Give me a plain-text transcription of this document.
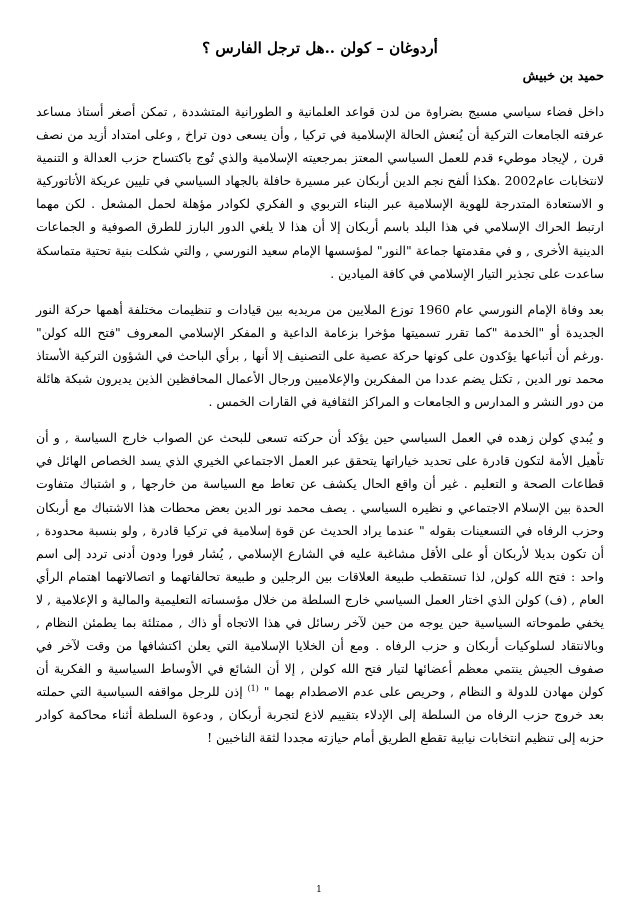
أردوغان – كولن ..هل ترجل الفارس ؟
حميد بن خبيش

داخل فضاء سياسي مسيج بضراوة من لدن قواعد العلمانية و الطورانية المتشددة , تمكن أصغر أستاذ مساعد عرفته الجامعات التركية أن يُنعش الحالة الإسلامية في تركيا , وأن يسعى دون تراخ , وعلى امتداد أزيد من نصف قرن , لإيجاد موطيء قدم للعمل السياسي المعتز بمرجعيته الإسلامية والذي تُوج باكتساح حزب العدالة و التنمية لانتخابات عام2002 .هكذا ألفح نجم الدين أربكان عبر مسيرة حافلة بالجهاد السياسي في تليين عريكة الأتاتوركية و الاستعادة المتدرجة للهوية الإسلامية عبر البناء التربوي و الفكري لكوادر مؤهلة لحمل المشعل . لكن مهما ارتبط الحراك الإسلامي في هذا البلد باسم أربكان إلا أن هذا لا يلغي الدور البارز للطرق الصوفية و الجماعات الدينية الأخرى , و في مقدمتها جماعة "النور" لمؤسسها الإمام سعيد النورسي , والتي شكلت بنية تحتية متماسكة ساعدت على تجذير التيار الإسلامي في كافة الميادين .

بعد وفاة الإمام النورسي عام 1960 توزع الملايين من مريديه بين قيادات و تنظيمات مختلفة أهمها حركة النور الجديدة أو "الخدمة "كما تقرر تسميتها مؤخرا بزعامة الداعية و المفكر الإسلامي المعروف "فتح الله كولن" .ورغم أن أتباعها يؤكدون على كونها حركة عصية على التصنيف إلا أنها , برأي الباحث في الشؤون التركية الأستاذ محمد نور الدين , تكتل يضم عددا من المفكرين والإعلاميين ورجال الأعمال المحافظين الذين يديرون شبكة هائلة من دور النشر و المدارس و الجامعات و المراكز الثقافية في القارات الخمس .

و يُبدي كولن زهده في العمل السياسي حين يؤكد أن حركته تسعى للبحث عن الصواب خارج السياسة , و أن تأهيل الأمة لتكون قادرة على تحديد خياراتها يتحقق عبر العمل الاجتماعي الخيري الذي يسد الخصاص الهائل في قطاعات الصحة و التعليم . غير أن واقع الحال يكشف عن تعاط مع السياسة من خارجها , و اشتباك متفاوت الحدة بين الإسلام الاجتماعي و نظيره السياسي . يصف محمد نور الدين بعض محطات هذا الاشتباك مع أربكان وحزب الرفاه في التسعينات بقوله " عندما يراد الحديث عن قوة إسلامية في تركيا قادرة , ولو بنسبة محدودة , أن تكون بديلا لأربكان أو على الأقل مشاغبة عليه في الشارع الإسلامي , يُشار فورا ودون أدنى تردد إلى اسم واحد : فتح الله كولن, لذا تستقطب طبيعة العلاقات بين الرجلين و طبيعة تحالفاتهما و اتصالاتهما اهتمام الرأي العام , (ف) كولن الذي اختار العمل السياسي خارج السلطة من خلال مؤسساته التعليمية والمالية و الإعلامية , لا يخفي طموحاته السياسية حين يوجه من حين لآخر رسائل في هذا الاتجاه أو ذاك , ممتلئة بما يطمئن النظام , وبالانتقاد لسلوكيات أربكان و حزب الرفاه . ومع أن الخلايا الإسلامية التي يعلن اكتشافها من وقت لآخر في صفوف الجيش ينتمي معظم أعضائها لتيار فتح الله كولن , إلا أن الشائع في الأوساط السياسية و الفكرية أن كولن مهادن للدولة و النظام , وحريص على عدم الاصطدام بهما " $^{(1)}$ إذن للرجل مواقفه السياسية التي حملته بعد خروج حزب الرفاه من السلطة إلى الإدلاء بتقييم لاذع لتجربة أربكان , ودعوة السلطة أثناء محاكمة كوادر حزبه إلى تنظيم انتخابات نيابية تقطع الطريق أمام حيازته مجددا لثقة الناخبين !

1
